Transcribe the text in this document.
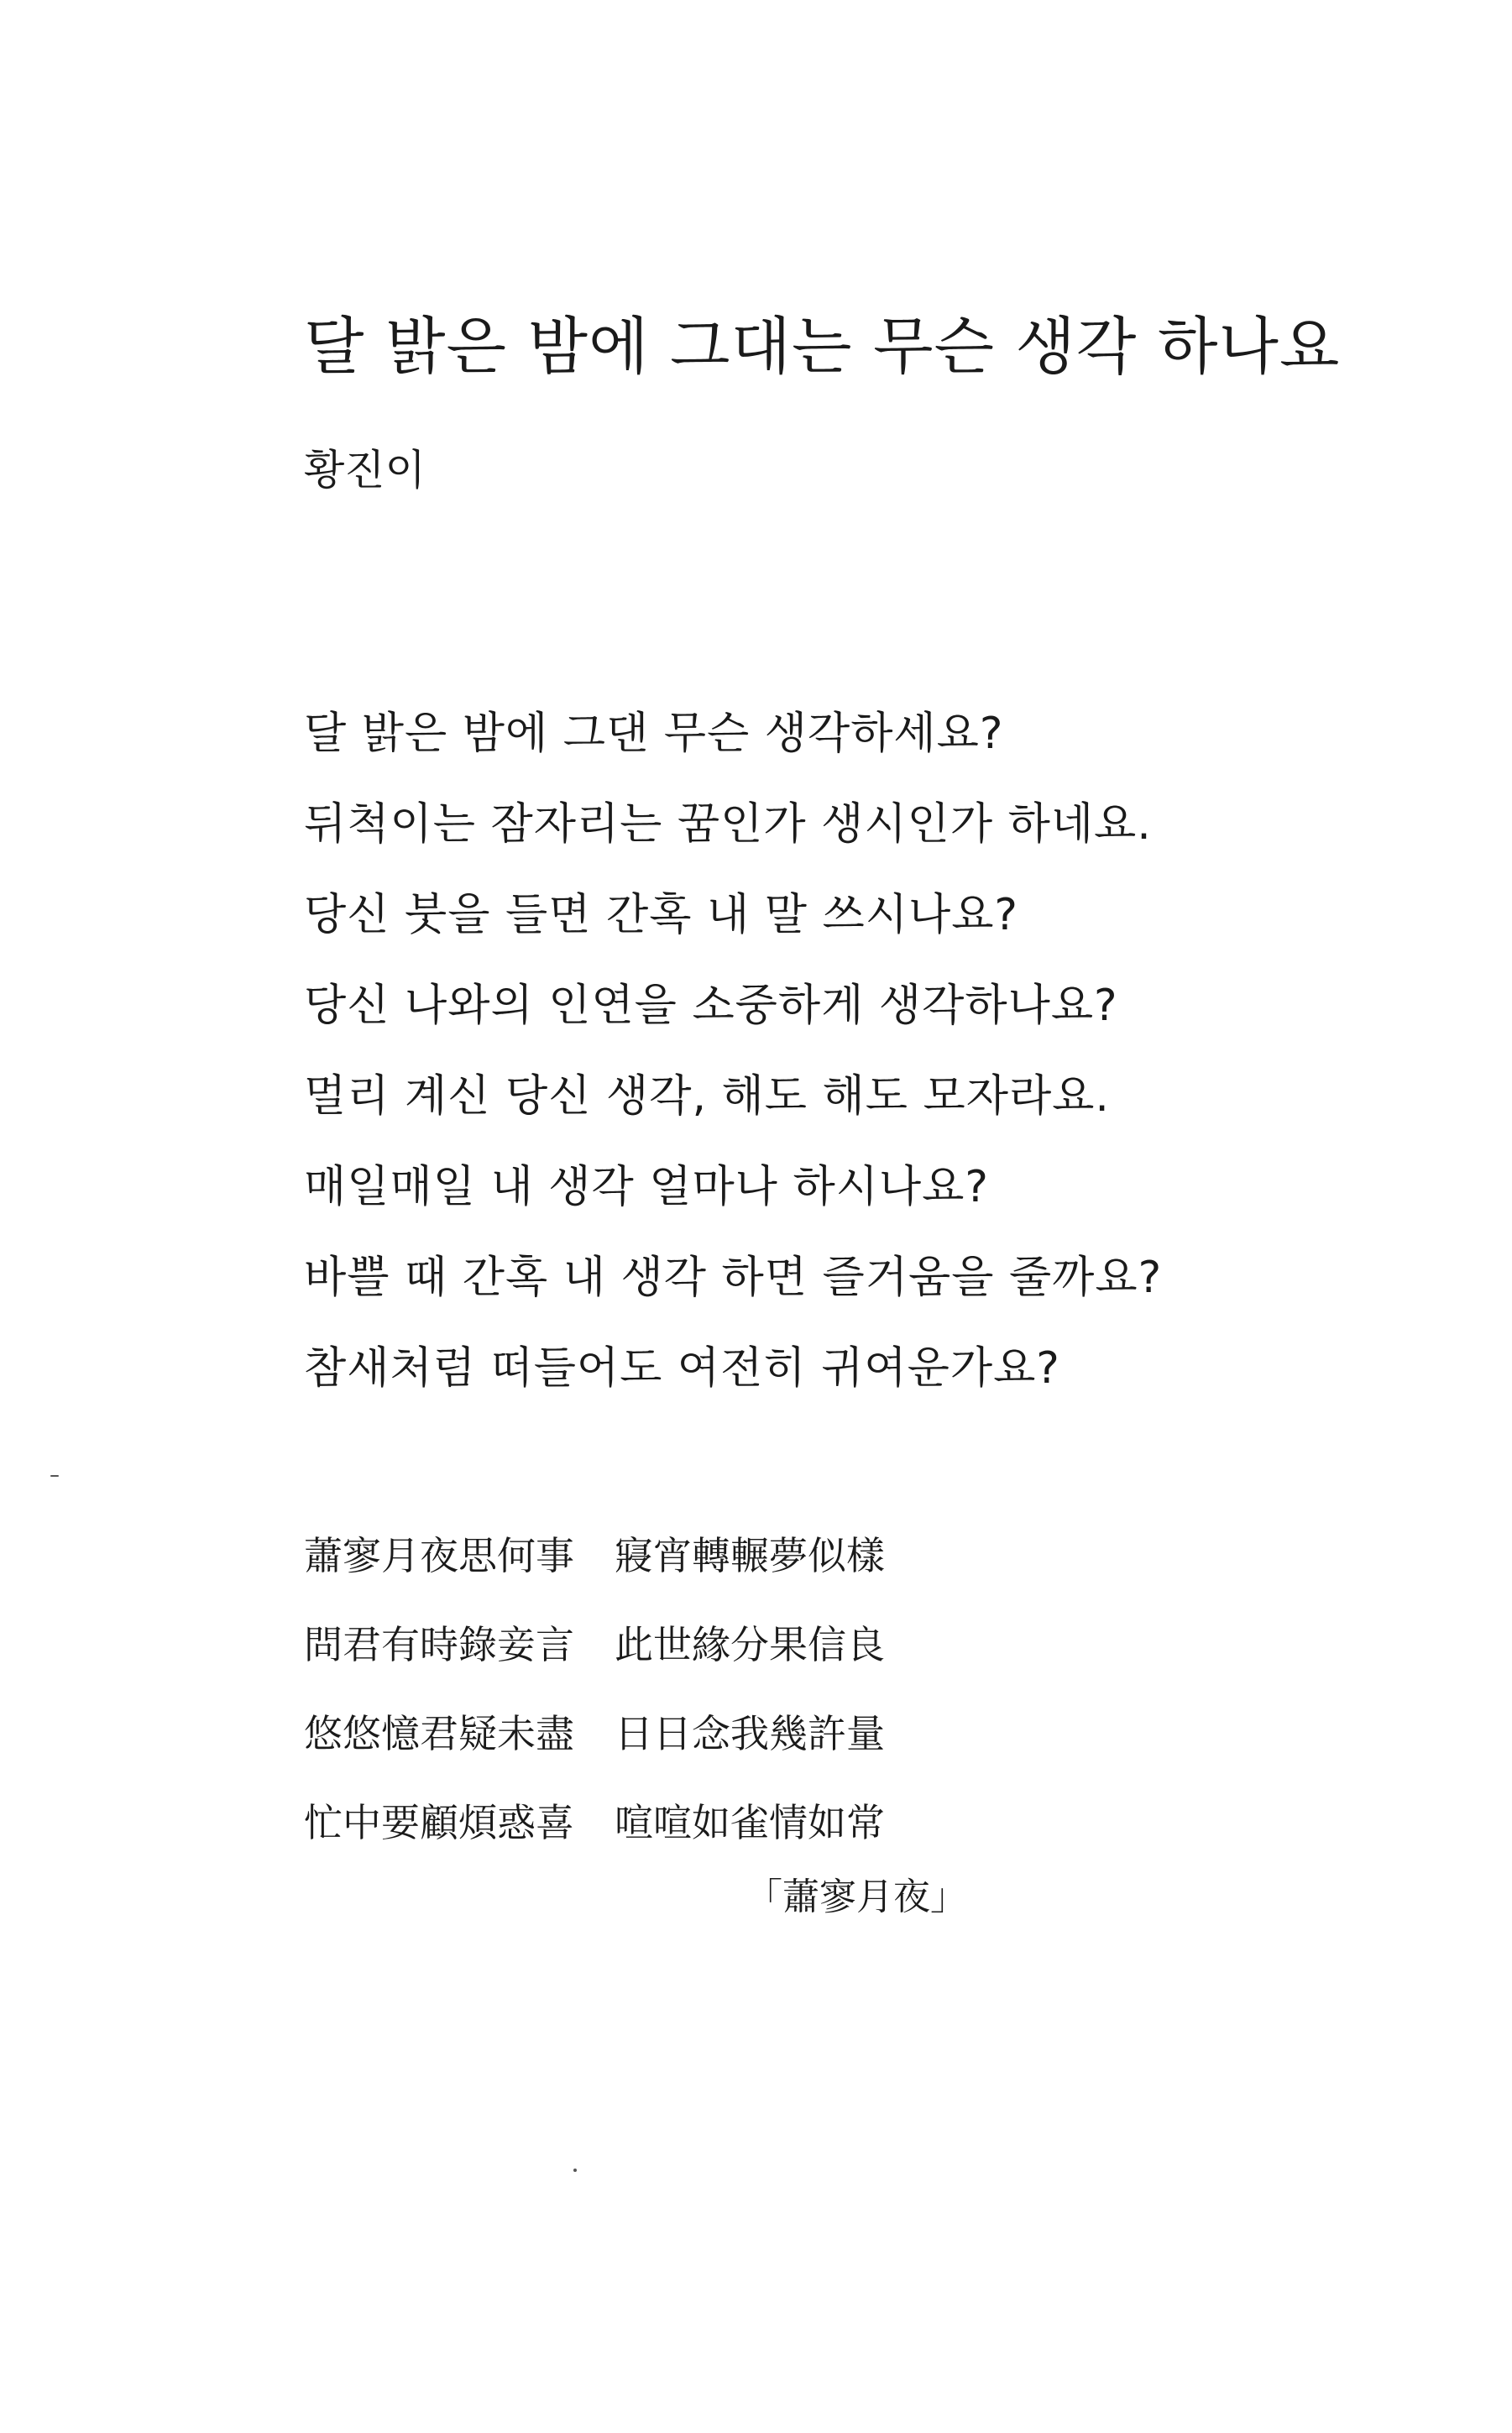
달 밝은 밤에 그대는 무슨 생각 하나요

황진이

달 밝은 밤에 그댄 무슨 생각하세요?
뒤척이는 잠자리는 꿈인가 생시인가 하네요.
당신 붓을 들면 간혹 내 말 쓰시나요?
당신 나와의 인연을 소중하게 생각하나요?
멀리 계신 당신 생각, 해도 해도 모자라요.
매일매일 내 생각 얼마나 하시나요?
바쁠 때 간혹 내 생각 하면 즐거움을 줄까요?
참새처럼 떠들어도 여전히 귀여운가요?
蕭寥月夜思何事 寢宵轉輾夢似樣
問君有時錄妾言 此世緣分果信良
悠悠憶君疑未盡 日日念我幾許量
忙中要顧煩惑喜 喧喧如雀情如常

「蕭寥月夜」
